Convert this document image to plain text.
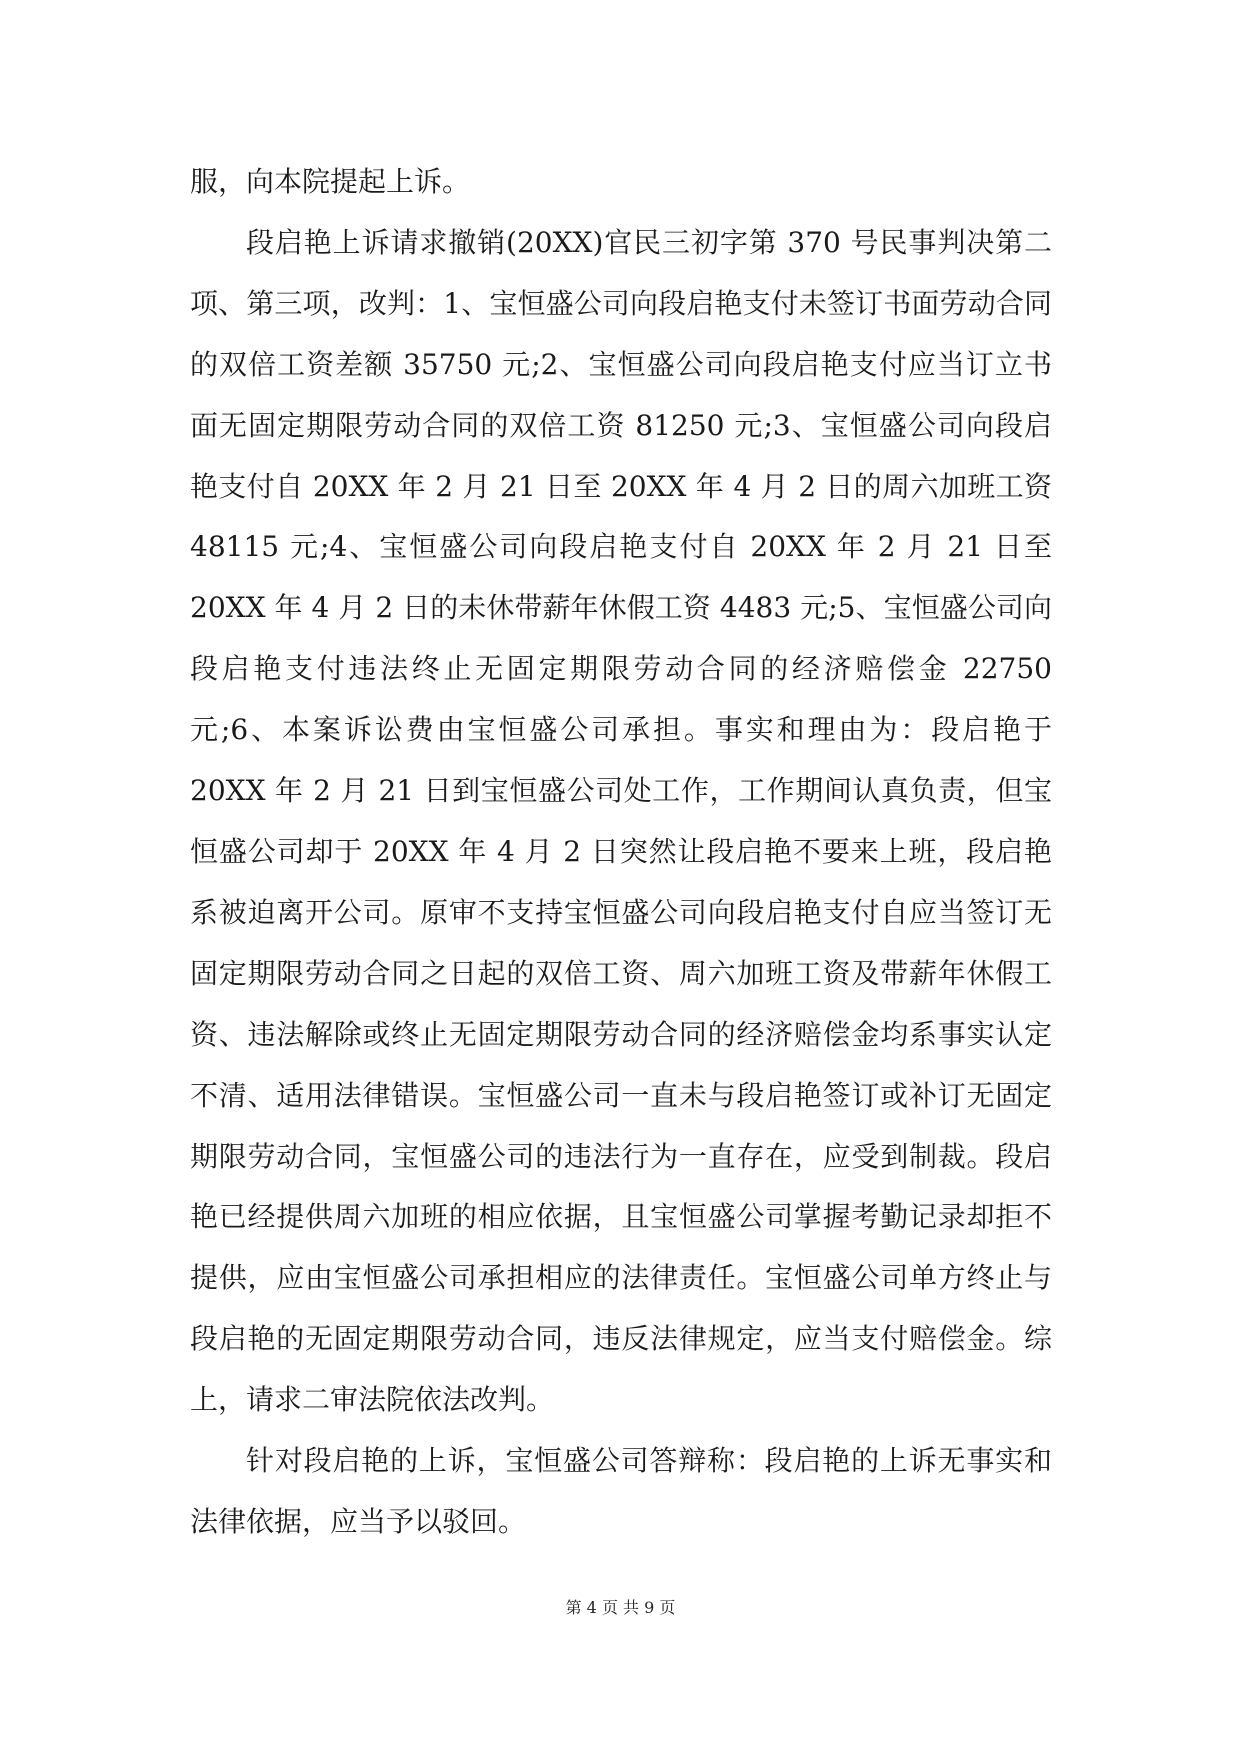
服，向本院提起上诉。

段启艳上诉请求撤销(20XX)官民三初字第 370 号民事判决第二项、第三项，改判：1、宝恒盛公司向段启艳支付未签订书面劳动合同的双倍工资差额 35750 元;2、宝恒盛公司向段启艳支付应当订立书面无固定期限劳动合同的双倍工资 81250 元;3、宝恒盛公司向段启艳支付自 20XX 年 2 月 21 日至 20XX 年 4 月 2 日的周六加班工资 48115 元;4、宝恒盛公司向段启艳支付自 20XX 年 2 月 21 日至 20XX 年 4 月 2 日的未休带薪年休假工资 4483 元;5、宝恒盛公司向段启艳支付违法终止无固定期限劳动合同的经济赔偿金 22750 元;6、本案诉讼费由宝恒盛公司承担。事实和理由为：段启艳于 20XX 年 2 月 21 日到宝恒盛公司处工作，工作期间认真负责，但宝恒盛公司却于 20XX 年 4 月 2 日突然让段启艳不要来上班，段启艳系被迫离开公司。原审不支持宝恒盛公司向段启艳支付自应当签订无固定期限劳动合同之日起的双倍工资、周六加班工资及带薪年休假工资、违法解除或终止无固定期限劳动合同的经济赔偿金均系事实认定不清、适用法律错误。宝恒盛公司一直未与段启艳签订或补订无固定期限劳动合同，宝恒盛公司的违法行为一直存在，应受到制裁。段启艳已经提供周六加班的相应依据，且宝恒盛公司掌握考勤记录却拒不提供，应由宝恒盛公司承担相应的法律责任。宝恒盛公司单方终止与段启艳的无固定期限劳动合同，违反法律规定，应当支付赔偿金。综上，请求二审法院依法改判。

针对段启艳的上诉，宝恒盛公司答辩称：段启艳的上诉无事实和法律依据，应当予以驳回。

第 4 页 共 9 页
